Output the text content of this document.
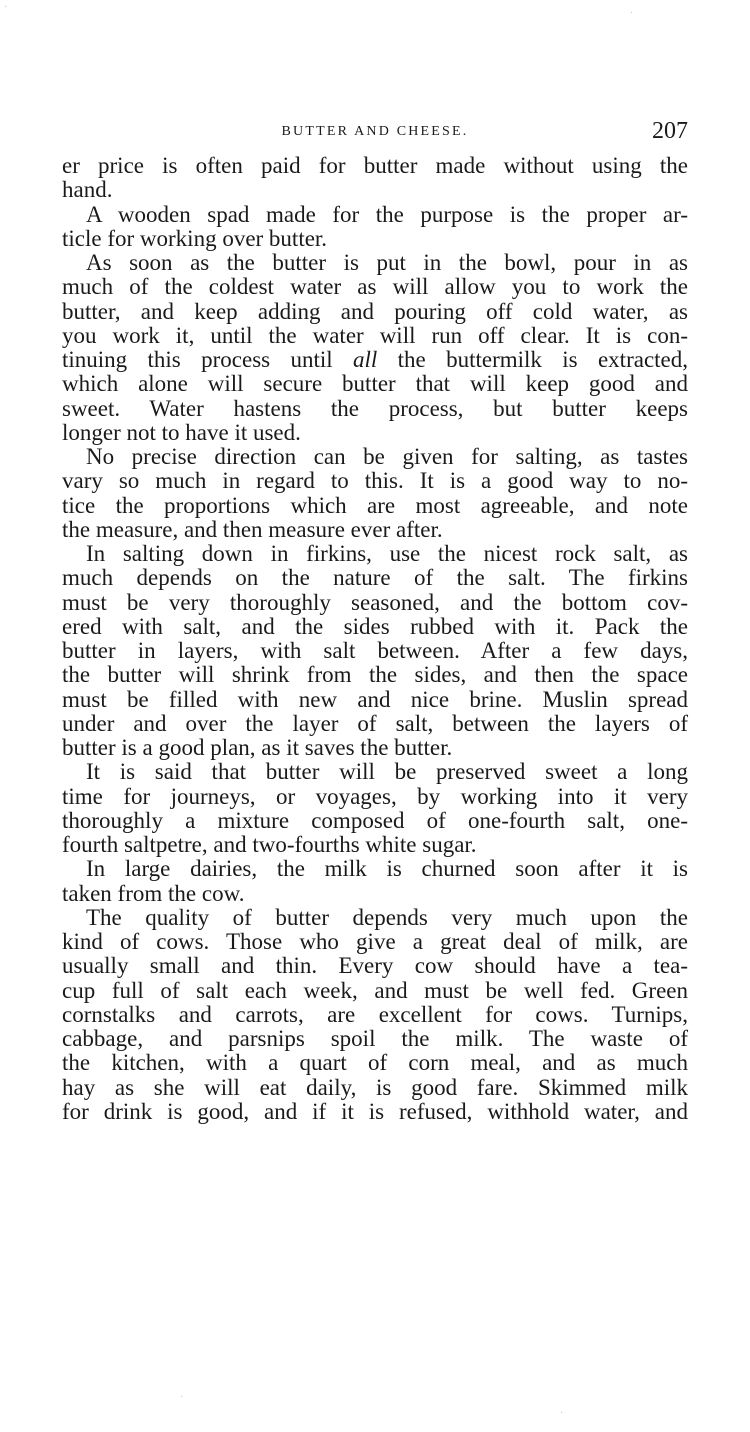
BUTTER AND CHEESE.	207

er price is often paid for butter made without using the
hand.

A wooden spad made for the purpose is the proper ar-
ticle for working over butter.

As soon as the butter is put in the bowl, pour in as
much of the coldest water as will allow you to work the
butter, and keep adding and pouring off cold water, as
you work it, until the water will run off clear. It is con-
tinuing this process until all the buttermilk is extracted,
which alone will secure butter that will keep good and
sweet. Water hastens the process, but butter keeps
longer not to have it used.

No precise direction can be given for salting, as tastes
vary so much in regard to this. It is a good way to no-
tice the proportions which are most agreeable, and note
the measure, and then measure ever after.

In salting down in firkins, use the nicest rock salt, as
much depends on the nature of the salt. The firkins
must be very thoroughly seasoned, and the bottom cov-
ered with salt, and the sides rubbed with it. Pack the
butter in layers, with salt between. After a few days,
the butter will shrink from the sides, and then the space
must be filled with new and nice brine. Muslin spread
under and over the layer of salt, between the layers of
butter is a good plan, as it saves the butter.

It is said that butter will be preserved sweet a long
time for journeys, or voyages, by working into it very
thoroughly a mixture composed of one-fourth salt, one-
fourth saltpetre, and two-fourths white sugar.

In large dairies, the milk is churned soon after it is
taken from the cow.

The quality of butter depends very much upon the
kind of cows. Those who give a great deal of milk, are
usually small and thin. Every cow should have a tea-
cup full of salt each week, and must be well fed. Green
cornstalks and carrots, are excellent for cows. Turnips,
cabbage, and parsnips spoil the milk. The waste of
the kitchen, with a quart of corn meal, and as much
hay as she will eat daily, is good fare. Skimmed milk
for drink is good, and if it is refused, withhold water, and

·
·
·
·
